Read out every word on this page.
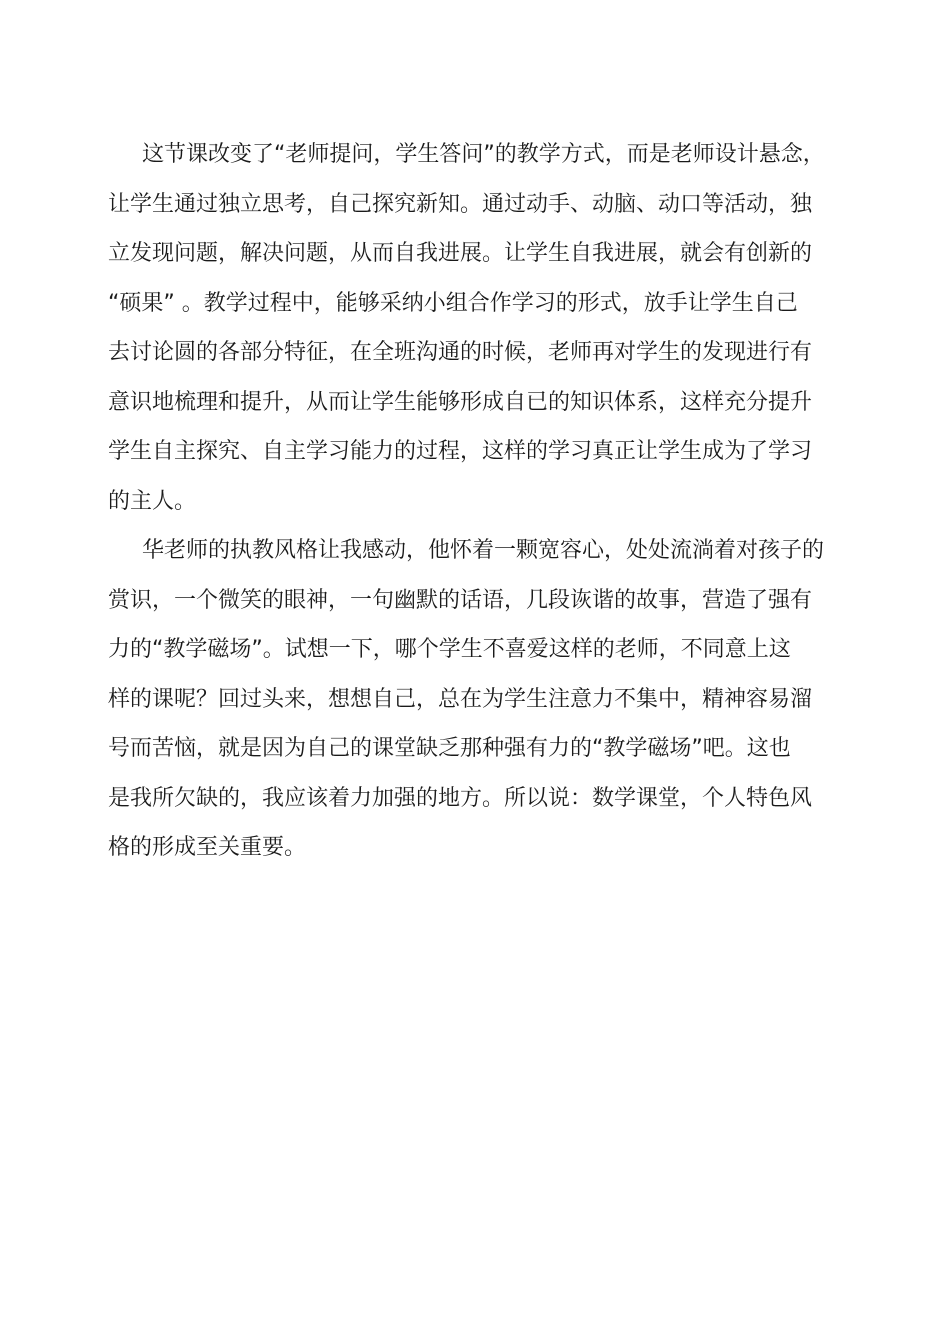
这节课改变了“老师提问，学生答问”的教学方式，而是老师设计悬念，
让学生通过独立思考，自己探究新知。通过动手、动脑、动口等活动，独
立发现问题，解决问题，从而自我进展。让学生自我进展，就会有创新的
“硕果” 。教学过程中，能够采纳小组合作学习的形式，放手让学生自己
去讨论圆的各部分特征，在全班沟通的时候，老师再对学生的发现进行有
意识地梳理和提升，从而让学生能够形成自已的知识体系，这样充分提升
学生自主探究、自主学习能力的过程，这样的学习真正让学生成为了学习
的主人。
华老师的执教风格让我感动，他怀着一颗宽容心，处处流淌着对孩子的
赏识，一个微笑的眼神，一句幽默的话语，几段诙谐的故事，营造了强有
力的“教学磁场”。试想一下，哪个学生不喜爱这样的老师，不同意上这
样的课呢？回过头来，想想自己，总在为学生注意力不集中，精神容易溜
号而苦恼，就是因为自己的课堂缺乏那种强有力的“教学磁场”吧。这也
是我所欠缺的，我应该着力加强的地方。所以说：数学课堂，个人特色风
格的形成至关重要。
